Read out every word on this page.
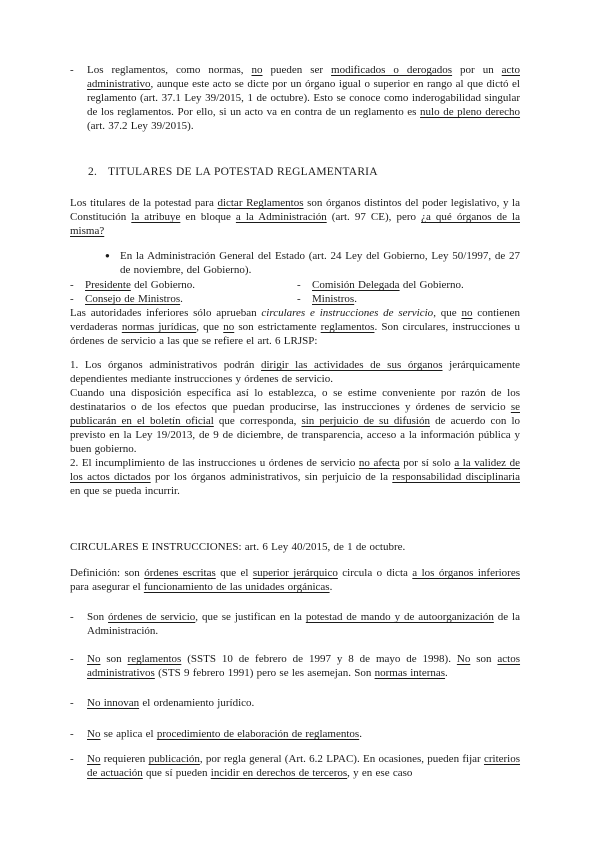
-	Los reglamentos, como normas, no pueden ser modificados o derogados por un acto administrativo, aunque este acto se dicte por un órgano igual o superior en rango al que dictó el reglamento (art. 37.1 Ley 39/2015, 1 de octubre). Esto se conoce como inderogabilidad singular de los reglamentos. Por ello, si un acto va en contra de un reglamento es nulo de pleno derecho (art. 37.2 Ley 39/2015).
2. TITULARES DE LA POTESTAD REGLAMENTARIA
Los titulares de la potestad para dictar Reglamentos son órganos distintos del poder legislativo, y la Constitución la atribuye en bloque a la Administración (art. 97 CE), pero ¿a qué órganos de la misma?
● En la Administración General del Estado (art. 24 Ley del Gobierno, Ley 50/1997, de 27 de noviembre, del Gobierno).
-	Presidente del Gobierno.	-	Comisión Delegada del Gobierno.
-	Consejo de Ministros.	-	Ministros.
Las autoridades inferiores sólo aprueban circulares e instrucciones de servicio, que no contienen verdaderas normas jurídicas, que no son estrictamente reglamentos. Son circulares, instrucciones u órdenes de servicio a las que se refiere el art. 6 LRJSP:
1. Los órganos administrativos podrán dirigir las actividades de sus órganos jerárquicamente dependientes mediante instrucciones y órdenes de servicio.
Cuando una disposición específica así lo establezca, o se estime conveniente por razón de los destinatarios o de los efectos que puedan producirse, las instrucciones y órdenes de servicio se publicarán en el boletín oficial que corresponda, sin perjuicio de su difusión de acuerdo con lo previsto en la Ley 19/2013, de 9 de diciembre, de transparencia, acceso a la información pública y buen gobierno.
2. El incumplimiento de las instrucciones u órdenes de servicio no afecta por sí solo a la validez de los actos dictados por los órganos administrativos, sin perjuicio de la responsabilidad disciplinaria en que se pueda incurrir.
CIRCULARES E INSTRUCCIONES: art. 6 Ley 40/2015, de 1 de octubre.
Definición: son órdenes escritas que el superior jerárquico circula o dicta a los órganos inferiores para asegurar el funcionamiento de las unidades orgánicas.
-	Son órdenes de servicio, que se justifican en la potestad de mando y de autoorganización de la Administración.
-	No son reglamentos (SSTS 10 de febrero de 1997 y 8 de mayo de 1998). No son actos administrativos (STS 9 febrero 1991) pero se les asemejan. Son normas internas.
-	No innovan el ordenamiento jurídico.
-	No se aplica el procedimiento de elaboración de reglamentos.
-	No requieren publicación, por regla general (Art. 6.2 LPAC). En ocasiones, pueden fijar criterios de actuación que sí pueden incidir en derechos de terceros, y en ese caso
